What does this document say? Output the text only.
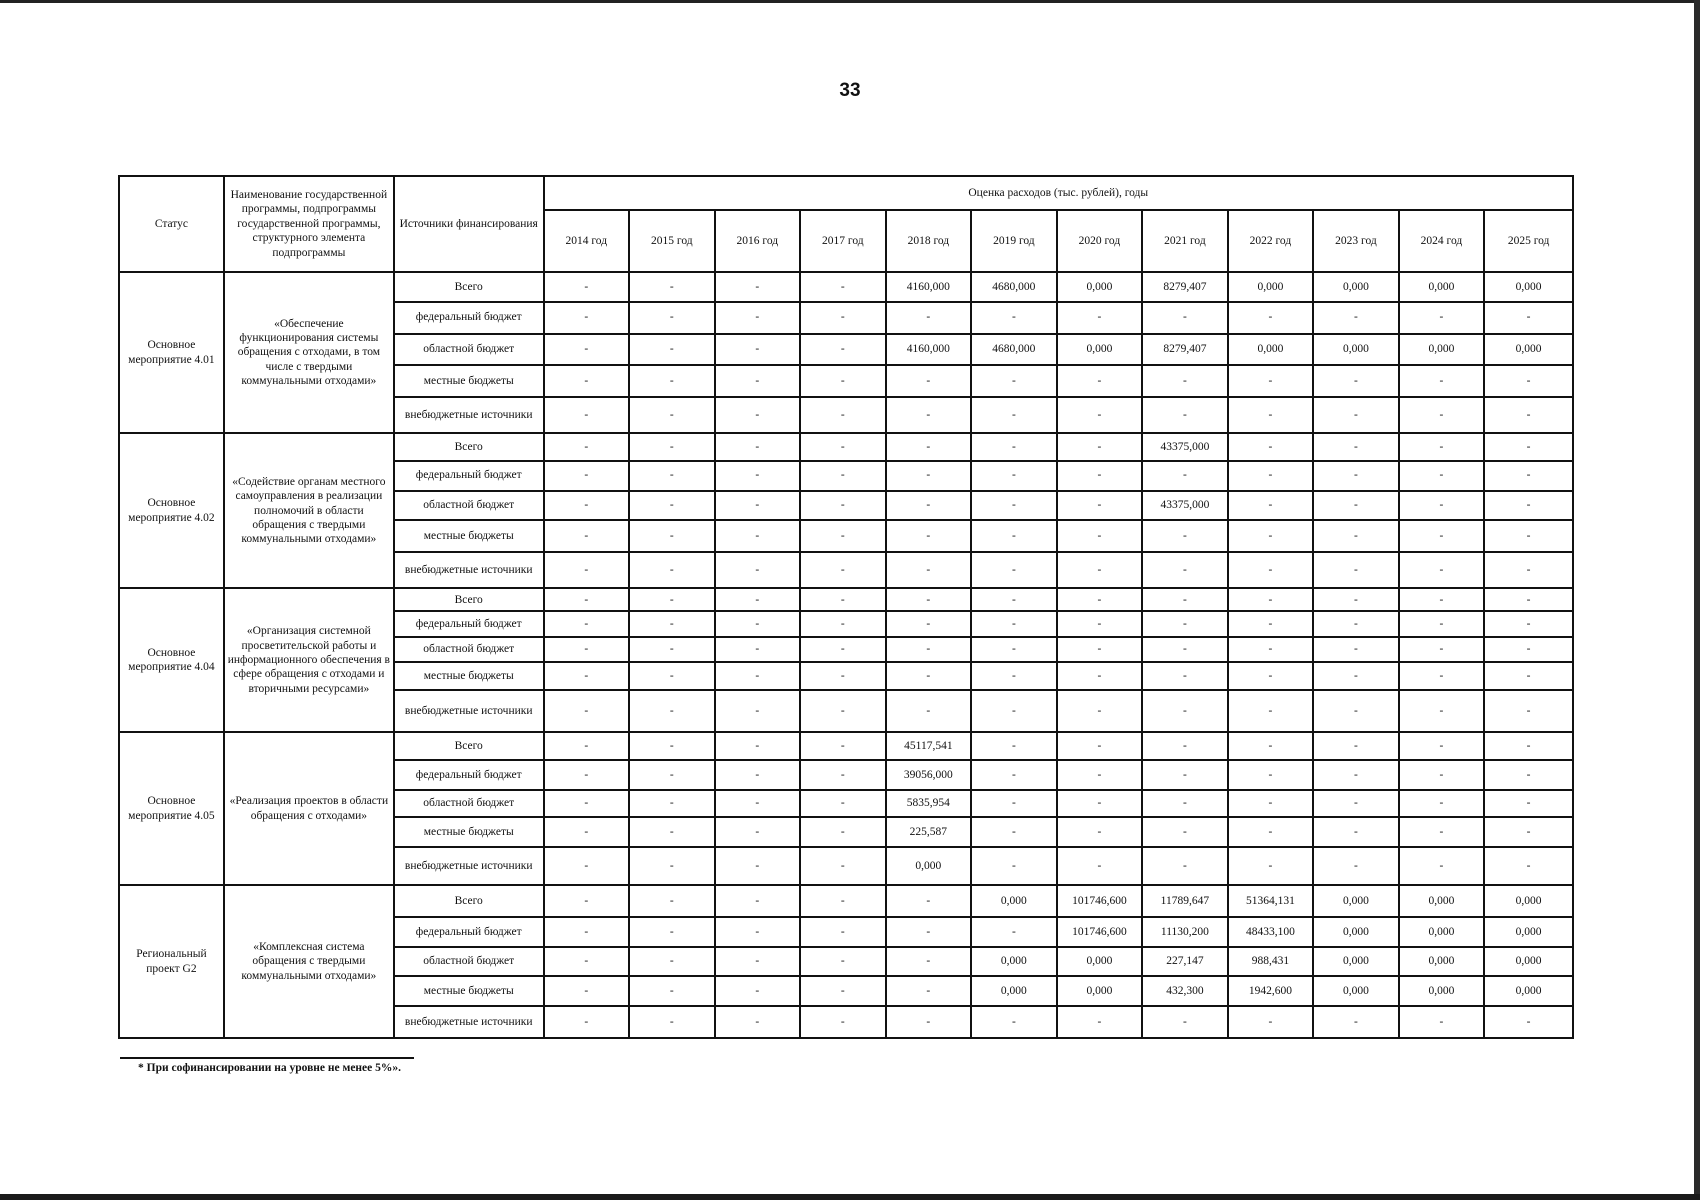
33
Статус	Наименование государственной программы, подпрограммы государственной программы, структурного элемента подпрограммы	Источники финансирования	Оценка расходов (тыс. рублей), годы											
			2014 год	2015 год	2016 год	2017 год	2018 год	2019 год	2020 год	2021 год	2022 год	2023 год	2024 год	2025 год
Основное мероприятие 4.01	«Обеспечение функционирования системы обращения с отходами, в том числе с твердыми коммунальными отходами»	Всего	-	-	-	-	4160,000	4680,000	0,000	8279,407	0,000	0,000	0,000	0,000
		федеральный бюджет	-	-	-	-	-	-	-	-	-	-	-	-
		областной бюджет	-	-	-	-	4160,000	4680,000	0,000	8279,407	0,000	0,000	0,000	0,000
		местные бюджеты	-	-	-	-	-	-	-	-	-	-	-	-
		внебюджетные источники	-	-	-	-	-	-	-	-	-	-	-	-
Основное мероприятие 4.02	«Содействие органам местного самоуправления в реализации полномочий в области обращения с твердыми коммунальными отходами»	Всего	-	-	-	-	-	-	-	43375,000	-	-	-	-
		федеральный бюджет	-	-	-	-	-	-	-	-	-	-	-	-
		областной бюджет	-	-	-	-	-	-	-	43375,000	-	-	-	-
		местные бюджеты	-	-	-	-	-	-	-	-	-	-	-	-
		внебюджетные источники	-	-	-	-	-	-	-	-	-	-	-	-
Основное мероприятие 4.04	«Организация системной просветительской работы и информационного обеспечения в сфере обращения с отходами и вторичными ресурсами»	Всего	-	-	-	-	-	-	-	-	-	-	-	-
		федеральный бюджет	-	-	-	-	-	-	-	-	-	-	-	-
		областной бюджет	-	-	-	-	-	-	-	-	-	-	-	-
		местные бюджеты	-	-	-	-	-	-	-	-	-	-	-	-
		внебюджетные источники	-	-	-	-	-	-	-	-	-	-	-	-
Основное мероприятие 4.05	«Реализация проектов в области обращения с отходами»	Всего	-	-	-	-	45117,541	-	-	-	-	-	-	-
		федеральный бюджет	-	-	-	-	39056,000	-	-	-	-	-	-	-
		областной бюджет	-	-	-	-	5835,954	-	-	-	-	-	-	-
		местные бюджеты	-	-	-	-	225,587	-	-	-	-	-	-	-
		внебюджетные источники	-	-	-	-	0,000	-	-	-	-	-	-	-
Региональный проект G2	«Комплексная система обращения с твердыми коммунальными отходами»	Всего	-	-	-	-	-	0,000	101746,600	11789,647	51364,131	0,000	0,000	0,000
		федеральный бюджет	-	-	-	-	-	-	101746,600	11130,200	48433,100	0,000	0,000	0,000
		областной бюджет	-	-	-	-	-	0,000	0,000	227,147	988,431	0,000	0,000	0,000
		местные бюджеты	-	-	-	-	-	0,000	0,000	432,300	1942,600	0,000	0,000	0,000
		внебюджетные источники	-	-	-	-	-	-	-	-	-	-	-	-
* При софинансировании на уровне не менее 5%».
